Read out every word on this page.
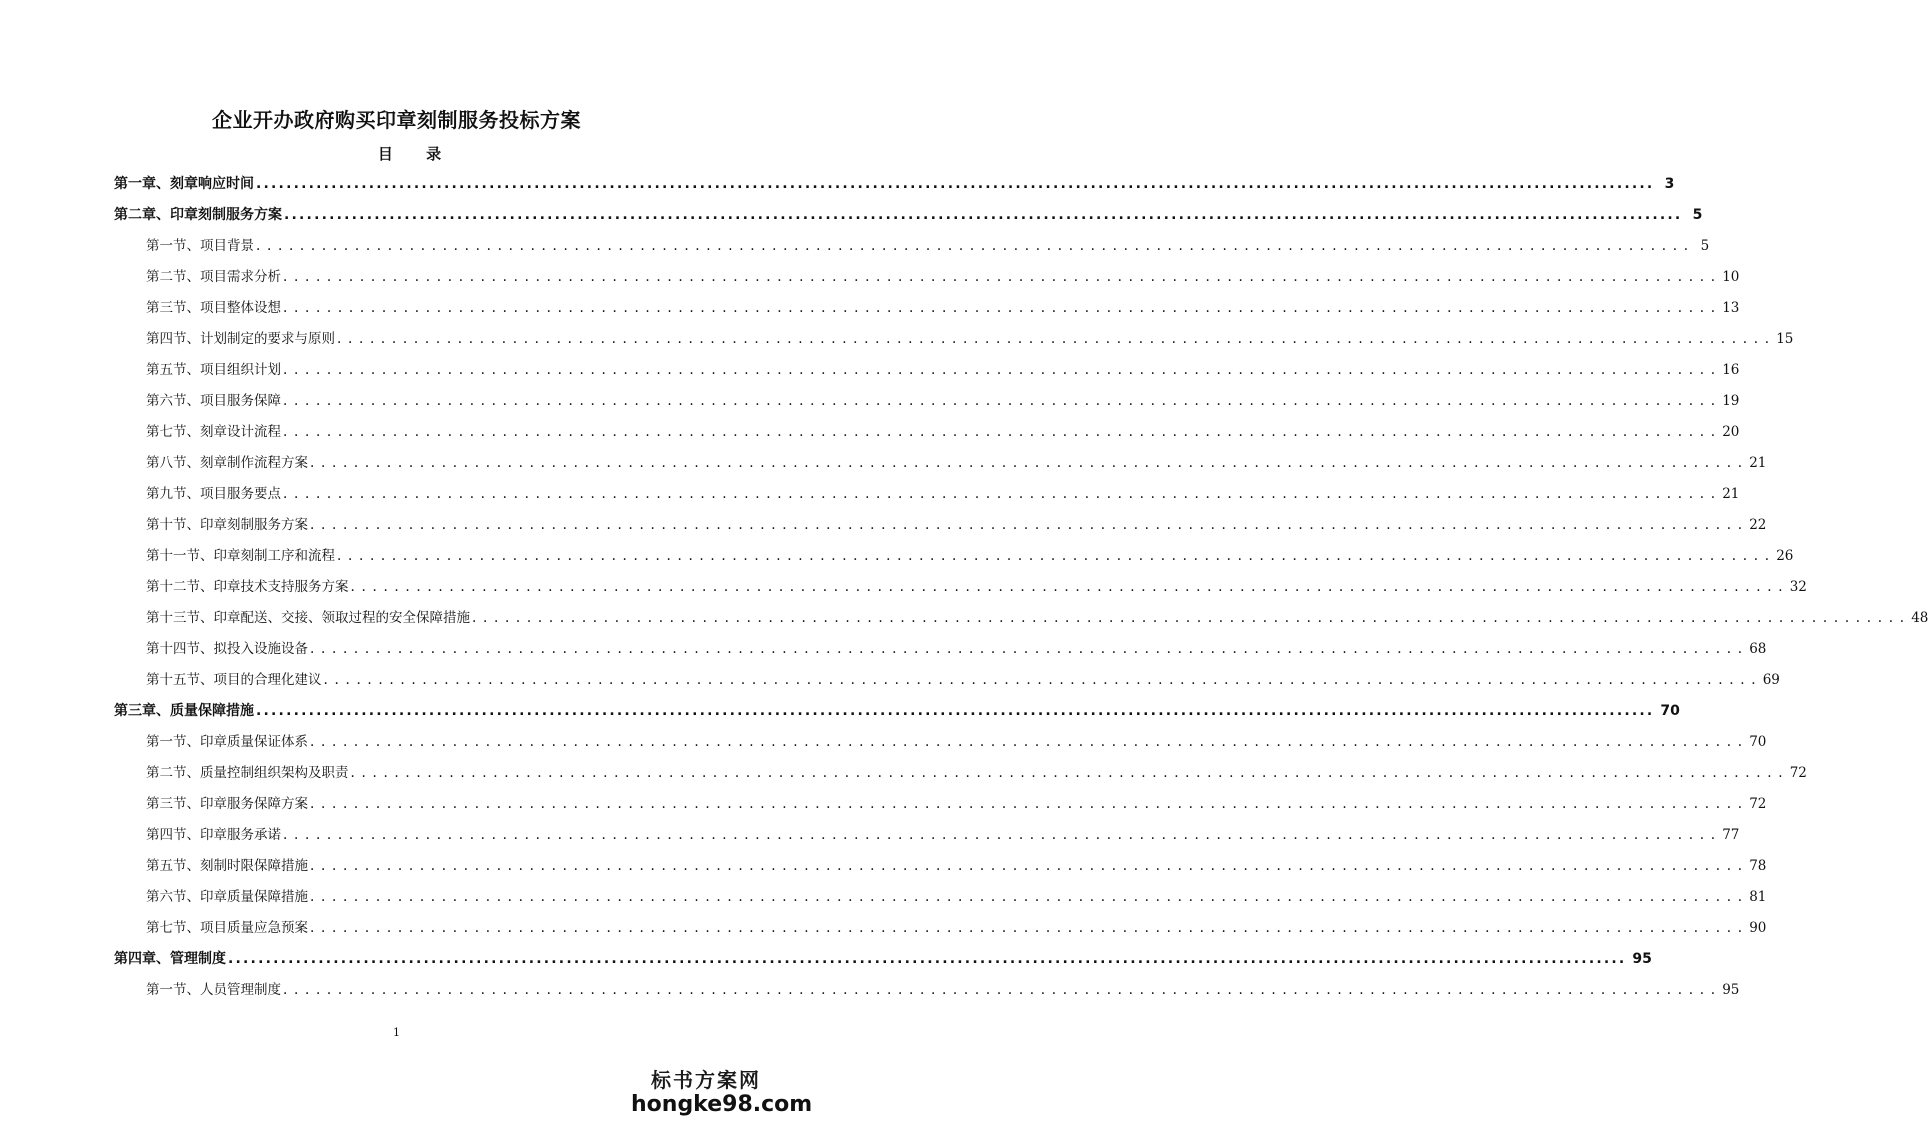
企业开办政府购买印章刻制服务投标方案
目 录
第一章、刻章响应时间 .....	3
第二章、印章刻制服务方案 .....	5
第一节、项目背景 . . .	5
第二节、项目需求分析 . . .	10
第三节、项目整体设想 . . .	13
第四节、计划制定的要求与原则 . . .	15
第五节、项目组织计划 . . .	16
第六节、项目服务保障 . . .	19
第七节、刻章设计流程 . . .	20
第八节、刻章制作流程方案 . . .	21
第九节、项目服务要点 . . .	21
第十节、印章刻制服务方案 . . .	22
第十一节、印章刻制工序和流程 . . .	26
第十二节、印章技术支持服务方案 . . .	32
第十三节、印章配送、交接、领取过程的安全保障措施 . . .	48
第十四节、拟投入设施设备 . . .	68
第十五节、项目的合理化建议 . . .	69
第三章、质量保障措施 .....	70
第一节、印章质量保证体系 . . .	70
第二节、质量控制组织架构及职责 . . .	72
第三节、印章服务保障方案 . . .	72
第四节、印章服务承诺 . . .	77
第五节、刻制时限保障措施 . . .	78
第六节、印章质量保障措施 . . .	81
第七节、项目质量应急预案 . . .	90
第四章、管理制度 .....	95
第一节、人员管理制度 . . .	95
1
标书方案网
hongke98.com
